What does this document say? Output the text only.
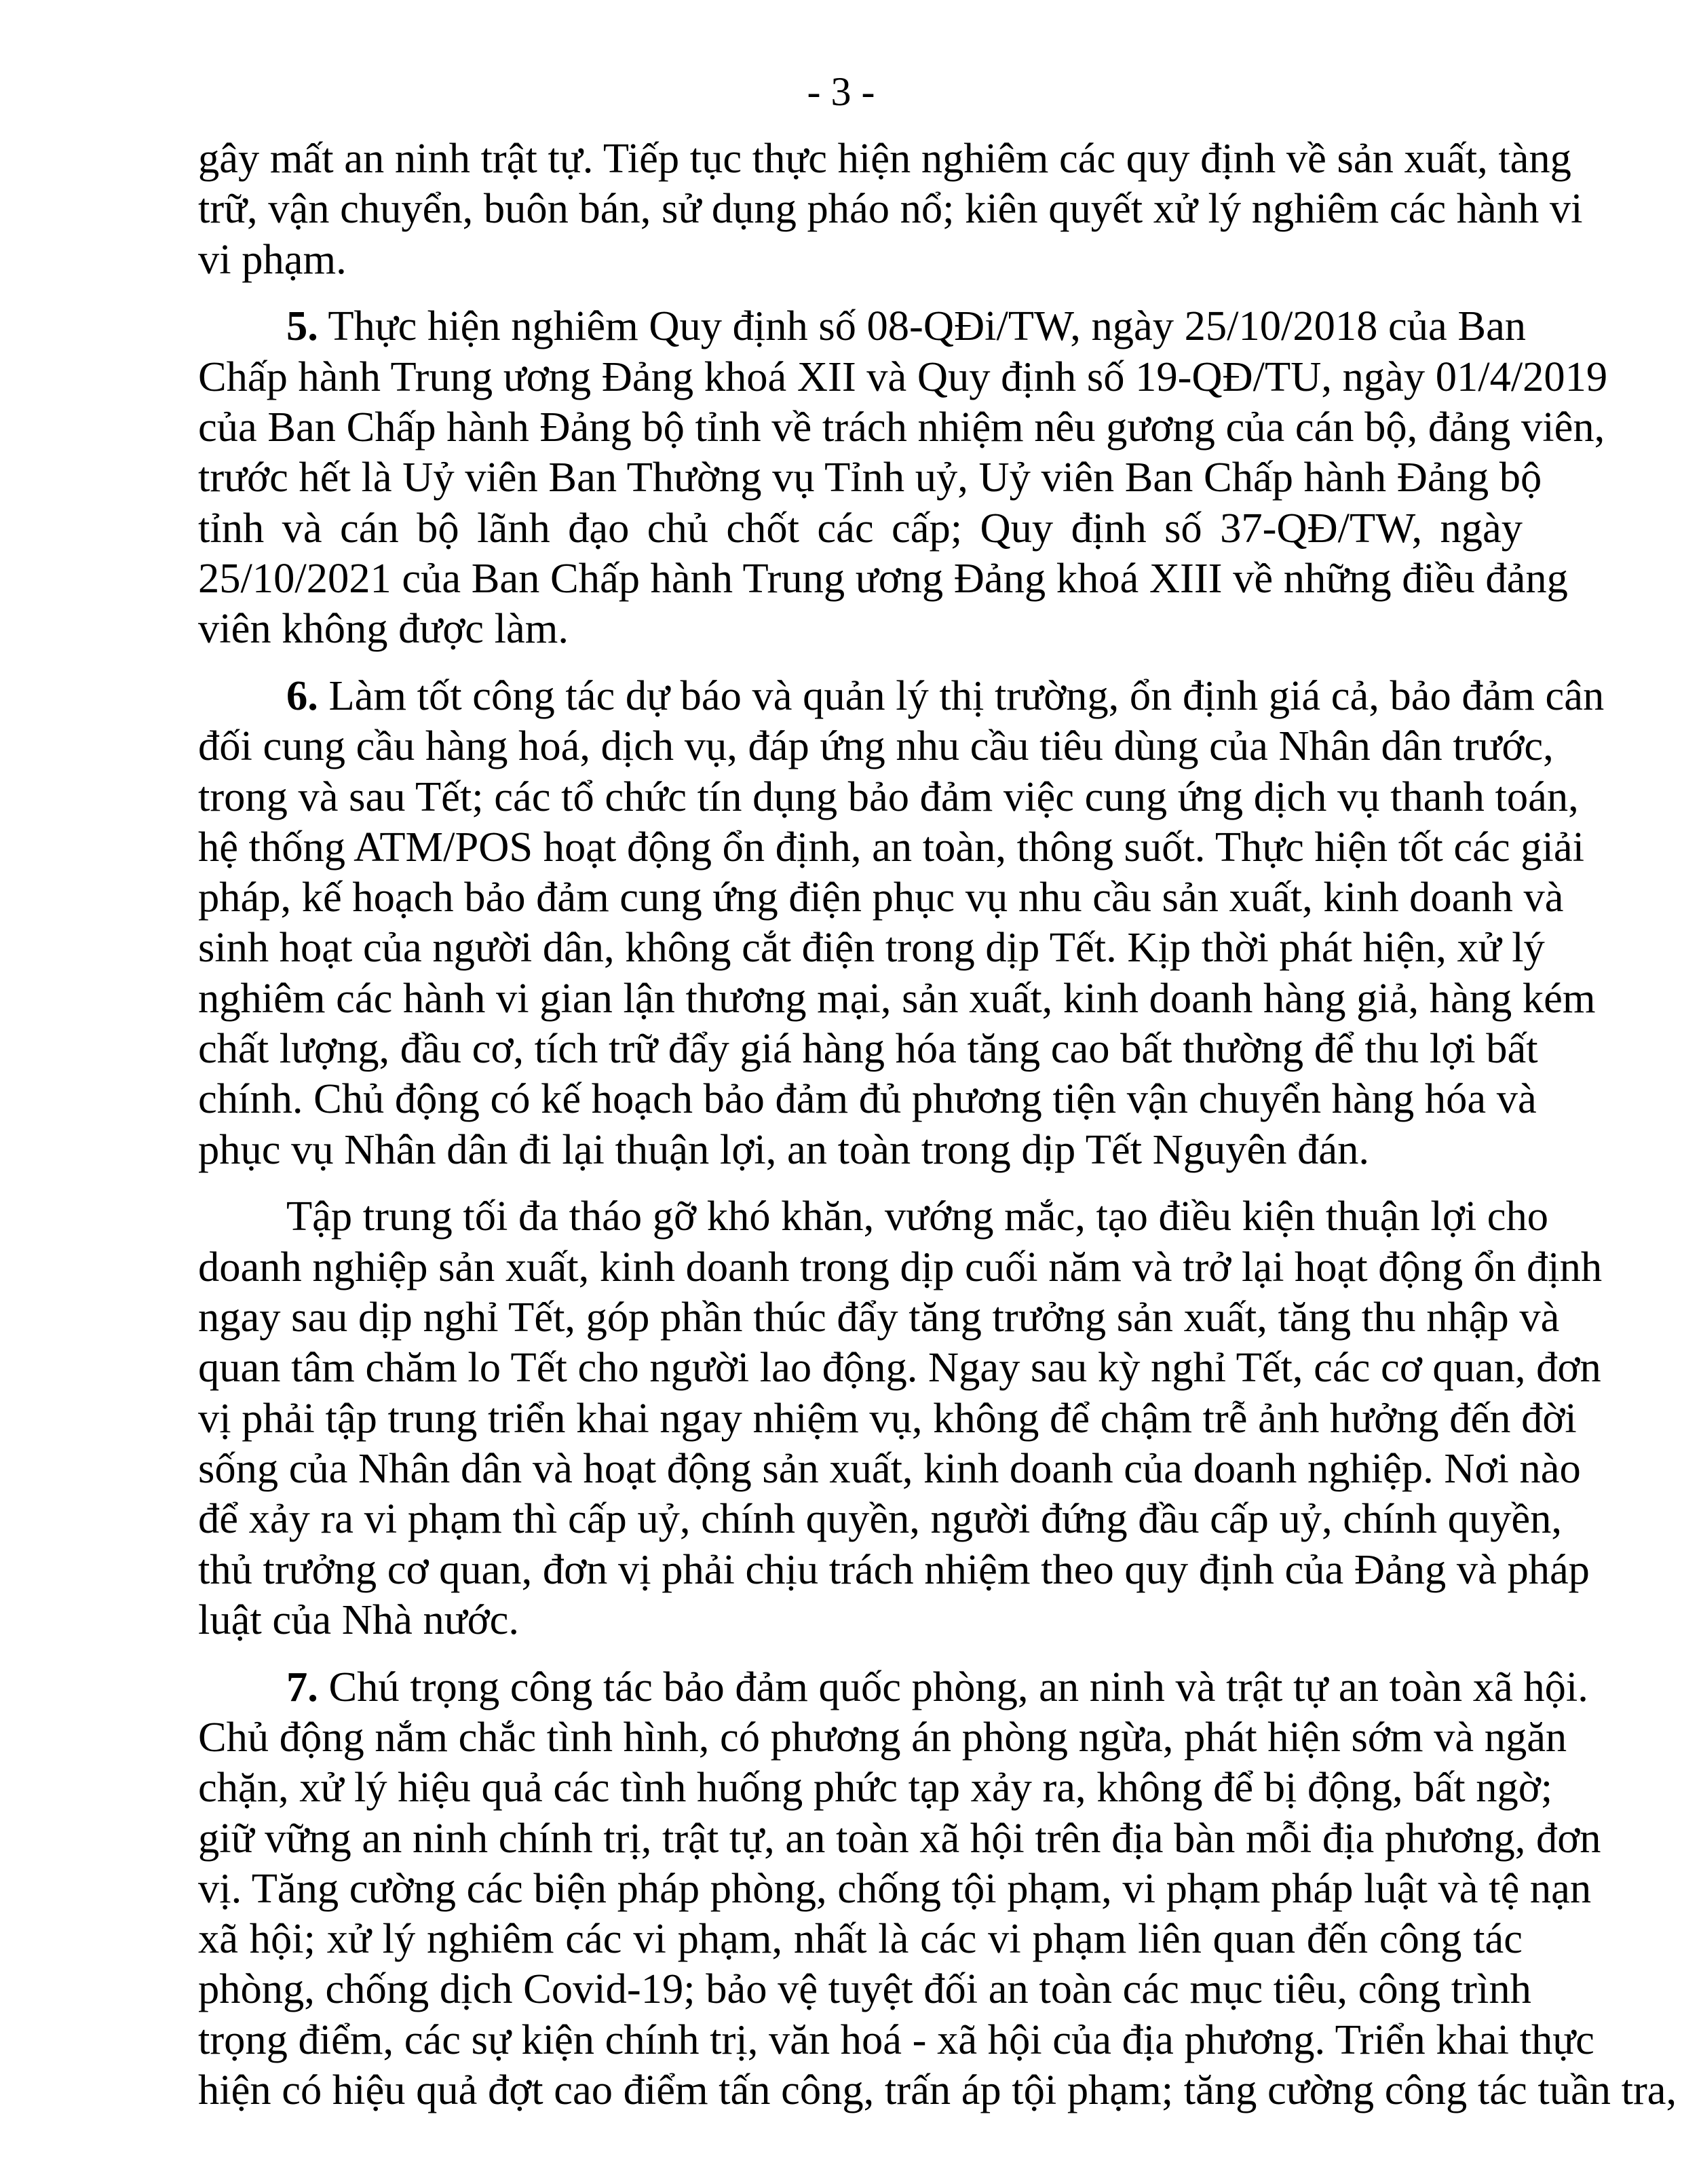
- 3 -
gây mất an ninh trật tự. Tiếp tục thực hiện nghiêm các quy định về sản xuất, tàng
trữ, vận chuyển, buôn bán, sử dụng pháo nổ; kiên quyết xử lý nghiêm các hành vi
vi phạm.
5. Thực hiện nghiêm Quy định số 08-QĐi/TW, ngày 25/10/2018 của Ban
Chấp hành Trung ương Đảng khoá XII và Quy định số 19-QĐ/TU, ngày 01/4/2019
của Ban Chấp hành Đảng bộ tỉnh về trách nhiệm nêu gương của cán bộ, đảng viên,
trước hết là Uỷ viên Ban Thường vụ Tỉnh uỷ, Uỷ viên Ban Chấp hành Đảng bộ
tỉnh và cán bộ lãnh đạo chủ chốt các cấp; Quy định số 37-QĐ/TW, ngày
25/10/2021 của Ban Chấp hành Trung ương Đảng khoá XIII về những điều đảng
viên không được làm.
6. Làm tốt công tác dự báo và quản lý thị trường, ổn định giá cả, bảo đảm cân
đối cung cầu hàng hoá, dịch vụ, đáp ứng nhu cầu tiêu dùng của Nhân dân trước,
trong và sau Tết; các tổ chức tín dụng bảo đảm việc cung ứng dịch vụ thanh toán,
hệ thống ATM/POS hoạt động ổn định, an toàn, thông suốt. Thực hiện tốt các giải
pháp, kế hoạch bảo đảm cung ứng điện phục vụ nhu cầu sản xuất, kinh doanh và
sinh hoạt của người dân, không cắt điện trong dịp Tết. Kịp thời phát hiện, xử lý
nghiêm các hành vi gian lận thương mại, sản xuất, kinh doanh hàng giả, hàng kém
chất lượng, đầu cơ, tích trữ đẩy giá hàng hóa tăng cao bất thường để thu lợi bất
chính. Chủ động có kế hoạch bảo đảm đủ phương tiện vận chuyển hàng hóa và
phục vụ Nhân dân đi lại thuận lợi, an toàn trong dịp Tết Nguyên đán.
Tập trung tối đa tháo gỡ khó khăn, vướng mắc, tạo điều kiện thuận lợi cho
doanh nghiệp sản xuất, kinh doanh trong dịp cuối năm và trở lại hoạt động ổn định
ngay sau dịp nghỉ Tết, góp phần thúc đẩy tăng trưởng sản xuất, tăng thu nhập và
quan tâm chăm lo Tết cho người lao động. Ngay sau kỳ nghỉ Tết, các cơ quan, đơn
vị phải tập trung triển khai ngay nhiệm vụ, không để chậm trễ ảnh hưởng đến đời
sống của Nhân dân và hoạt động sản xuất, kinh doanh của doanh nghiệp. Nơi nào
để xảy ra vi phạm thì cấp uỷ, chính quyền, người đứng đầu cấp uỷ, chính quyền,
thủ trưởng cơ quan, đơn vị phải chịu trách nhiệm theo quy định của Đảng và pháp
luật của Nhà nước.
7. Chú trọng công tác bảo đảm quốc phòng, an ninh và trật tự an toàn xã hội.
Chủ động nắm chắc tình hình, có phương án phòng ngừa, phát hiện sớm và ngăn
chặn, xử lý hiệu quả các tình huống phức tạp xảy ra, không để bị động, bất ngờ;
giữ vững an ninh chính trị, trật tự, an toàn xã hội trên địa bàn mỗi địa phương, đơn
vị. Tăng cường các biện pháp phòng, chống tội phạm, vi phạm pháp luật và tệ nạn
xã hội; xử lý nghiêm các vi phạm, nhất là các vi phạm liên quan đến công tác
phòng, chống dịch Covid-19; bảo vệ tuyệt đối an toàn các mục tiêu, công trình
trọng điểm, các sự kiện chính trị, văn hoá - xã hội của địa phương. Triển khai thực
hiện có hiệu quả đợt cao điểm tấn công, trấn áp tội phạm; tăng cường công tác tuần tra,
